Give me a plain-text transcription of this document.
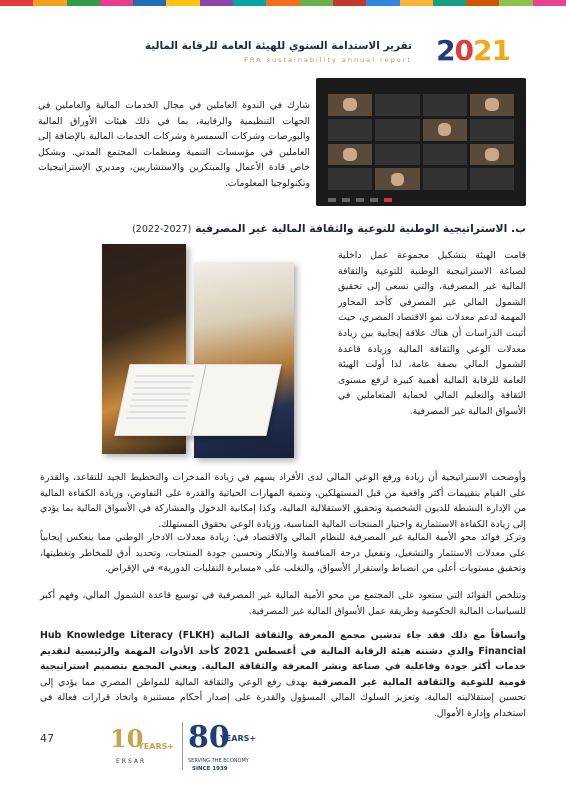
تقرير الاستدامة السنوي للهيئة العامة للرقابة المالية
FRA sustainability annual report 2021

شارك في الندوة العاملين في مجال الخدمات المالية والعاملين في الجهات التنظيمية والرقابية، بما في ذلك هيئات الأوراق المالية والبورصات وشركات السمسرة وشركات الخدمات المالية بالإضافة إلى العاملين في مؤسسات التنمية ومنظمات المجتمع المدني. وبشكل خاص قادة الأعمال والمبتكرين والاستشاريين، ومديري الإستراتيجيات وتكنولوجيا المعلومات.

ب. الاستراتيجية الوطنية للتوعية والثقافة المالية غير المصرفية (2027-2022)

قامت الهيئة بتشكيل مجموعة عمل داخلية لصياغة الاستراتيجية الوطنية للتوعية والثقافة المالية غير المصرفية، والتي تسعى إلى تحقيق الشمول المالي غير المصرفي كأحد المحاور المهمة لدعم معدلات نمو الاقتصاد المصري، حيث أثبتت الدراسات أن هناك علاقة إيجابية بين زيادة معدلات الوعي والثقافة المالية وزيادة قاعدة الشمول المالي بصفة عامة، لذا أولت الهيئة العامة للرقابة المالية أهمية كبيرة لرفع مستوى الثقافة والتعليم المالي لحماية المتعاملين في الأسواق المالية غير المصرفية.

وأوضحت الاستراتيجية أن زيادة ورفع الوعي المالي لدى الأفراد يسهم في زيادة المدخرات والتخطيط الجيد للتقاعد، والقدرة على القيام بتقييمات أكثر واقعية من قبل المستهلكين، وتنمية المهارات الحياتية والقدرة على التفاوض، وزيادة الكفاءة المالية من الإدارة النشطة للديون الشخصية وتحقيق الاستقلالية المالية، وكذا إمكانية الدخول والمشاركة في الأسواق المالية بما يؤدي إلى زيادة الكفاءة الاستثمارية واختيار المنتجات المالية المناسبة، وزيادة الوعي بحقوق المستهلك.

وتركز فوائد محو الأمية المالية غير المصرفية للنظام المالي والاقتصاد في: زيادة معدلات الادخار الوطني مما ينعكس إيجابياً على معدلات الاستثمار والتشغيل، وتفعيل درجة المنافسة والابتكار وتحسين جودة المنتجات، وتحديد أدق للمخاطر وتغطيتها، وتحقيق مستويات أعلى من انضباط واستقرار الأسواق، والتغلب على «مسايرة التقلبات الدورية» في الإقراض.

وتتلخص الفوائد التي ستعود على المجتمع من محو الأمية المالية غير المصرفية في توسيع قاعدة الشمول المالي، وفهم أكبر للسياسات المالية الحكومية وطريقة عمل الأسواق المالية غير المصرفية.

واتساقاً مع ذلك فقد جاء تدشين مجمع المعرفة والثقافة المالية (FLKH) Hub Knowledge Literacy Financial والذي دشنته هيئة الرقابة المالية في أغسطس 2021 كأحد الأدوات المهمة والرئيسية لتقديم خدمات أكثر جودة وفاعلية في صناعة ونشر المعرفة والثقافة المالية. ويعني المجمع بتصميم استراتيجية قومية للتوعية والثقافة المالية غير المصرفية بهدف رفع الوعي والثقافة المالية للمواطن المصري مما يؤدي إلى تحسين إستقلاليته المالية، وتعزيز السلوك المالي المسؤول والقدرة على إصدار أحكام مستنيرة واتخاذ قرارات فعالة في استخدام وإدارة الأموال.

47 10
YEARS+
ERSAR
80
YEARS+
SERVING THE ECONOMY
SINCE 1939
